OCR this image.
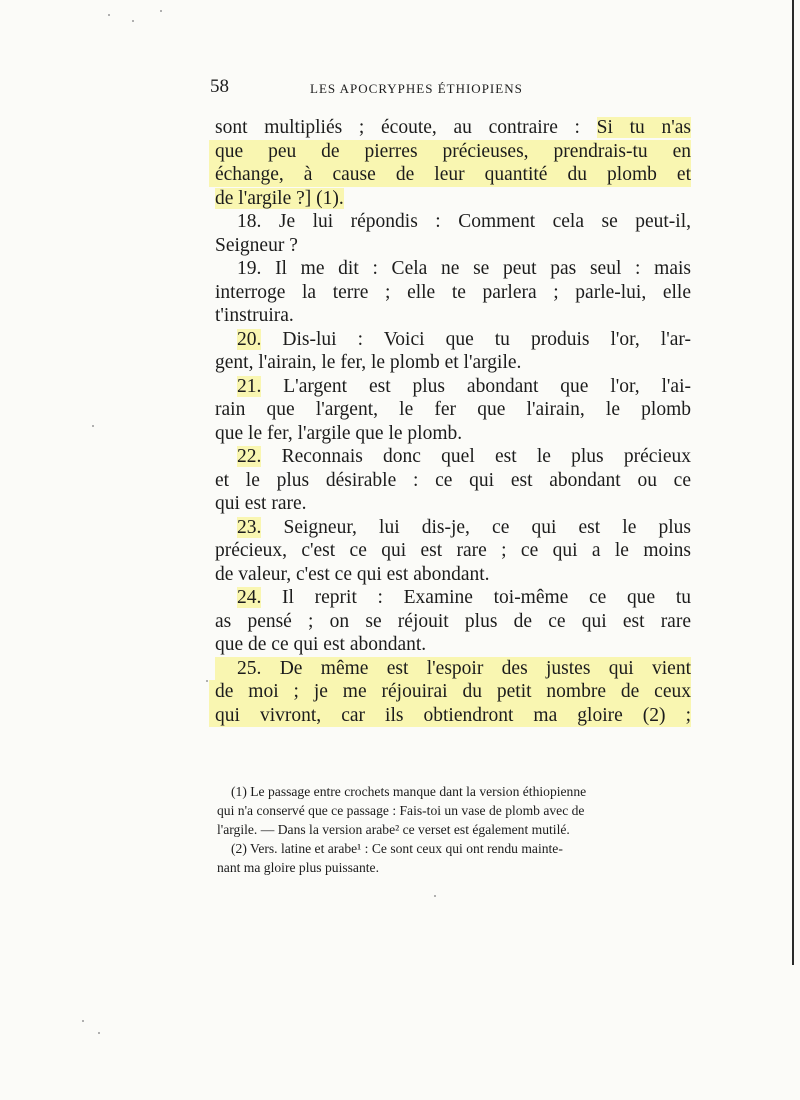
58	LES APOCRYPHES ÉTHIOPIENS
sont multipliés ; écoute, au contraire : Si tu n'as
que peu de pierres précieuses, prendrais-tu en
échange, à cause de leur quantité du plomb et
de l'argile ?] (1).
18. Je lui répondis : Comment cela se peut-il,
Seigneur ?
19. Il me dit : Cela ne se peut pas seul : mais
interroge la terre ; elle te parlera ; parle-lui, elle
t'instruira.
20. Dis-lui : Voici que tu produis l'or, l'ar-
gent, l'airain, le fer, le plomb et l'argile.
21. L'argent est plus abondant que l'or, l'ai-
rain que l'argent, le fer que l'airain, le plomb
que le fer, l'argile que le plomb.
22. Reconnais donc quel est le plus précieux
et le plus désirable : ce qui est abondant ou ce
qui est rare.
23. Seigneur, lui dis-je, ce qui est le plus
précieux, c'est ce qui est rare ; ce qui a le moins
de valeur, c'est ce qui est abondant.
24. Il reprit : Examine toi-même ce que tu
as pensé ; on se réjouit plus de ce qui est rare
que de ce qui est abondant.
25. De même est l'espoir des justes qui vient
de moi ; je me réjouirai du petit nombre de ceux
qui vivront, car ils obtiendront ma gloire (2) ;
(1) Le passage entre crochets manque dant la version éthiopienne
qui n'a conservé que ce passage : Fais-toi un vase de plomb avec de
l'argile. — Dans la version arabe² ce verset est également mutilé.
(2) Vers. latine et arabe¹ : Ce sont ceux qui ont rendu mainte-
nant ma gloire plus puissante.
